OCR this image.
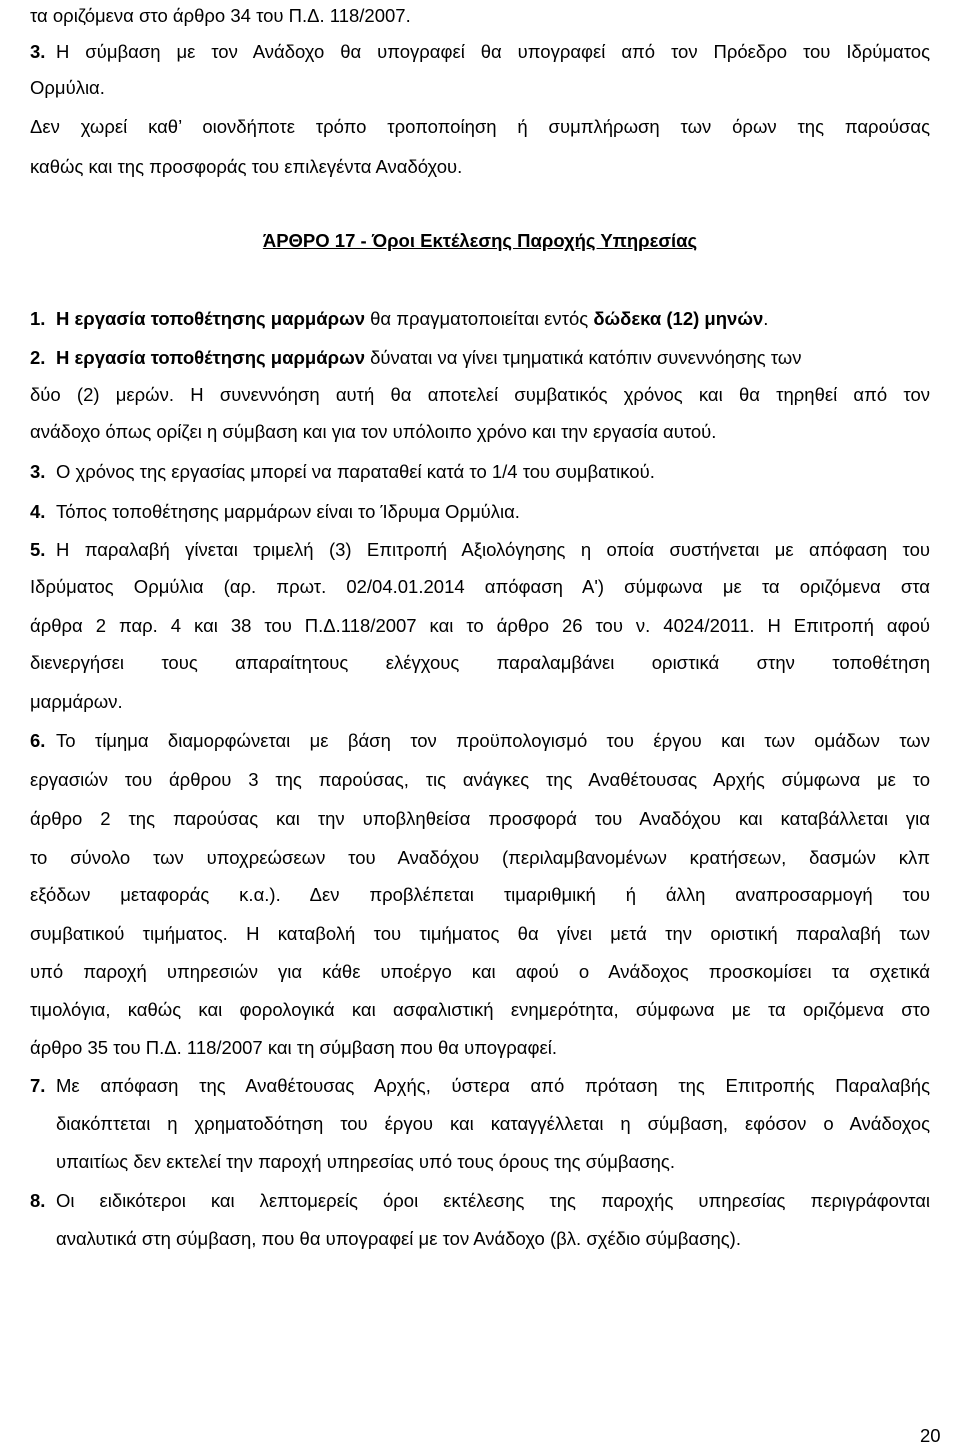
τα οριζόμενα στο άρθρο 34 του Π.Δ. 118/2007.
3. Η σύμβαση με τον Ανάδοχο θα υπογραφεί θα υπογραφεί από τον Πρόεδρο του Ιδρύματος
Ορμύλια.
Δεν χωρεί καθ’ οιονδήποτε τρόπο τροποποίηση ή συμπλήρωση των όρων της παρούσας
καθώς και της προσφοράς του επιλεγέντα Αναδόχου.
ΆΡΘΡΟ 17 - Όροι Εκτέλεσης Παροχής Υπηρεσίας
1. Η εργασία τοποθέτησης μαρμάρων θα πραγματοποιείται εντός δώδεκα (12) μηνών.
2. Η εργασία τοποθέτησης μαρμάρων δύναται να γίνει τμηματικά κατόπιν συνεννόησης των
δύο (2) μερών. Η συνεννόηση αυτή θα αποτελεί συμβατικός χρόνος και θα τηρηθεί από τον
ανάδοχο όπως ορίζει η σύμβαση και για τον υπόλοιπο χρόνο και την εργασία αυτού.
3. Ο χρόνος της εργασίας μπορεί να παραταθεί κατά το 1/4 του συμβατικού.
4. Τόπος τοποθέτησης μαρμάρων είναι το Ίδρυμα Ορμύλια.
5. Η παραλαβή γίνεται τριμελή (3) Επιτροπή Αξιολόγησης η οποία συστήνεται με απόφαση του
Ιδρύματος Ορμύλια (αρ. πρωτ. 02/04.01.2014 απόφαση Α') σύμφωνα με τα οριζόμενα στα
άρθρα 2 παρ. 4 και 38 του Π.Δ.118/2007 και το άρθρο 26 του ν. 4024/2011. Η Επιτροπή αφού
διενεργήσει τους απαραίτητους ελέγχους παραλαμβάνει οριστικά στην τοποθέτηση
μαρμάρων.
6. Το τίμημα διαμορφώνεται με βάση τον προϋπολογισμό του έργου και των ομάδων των
εργασιών του άρθρου 3 της παρούσας, τις ανάγκες της Αναθέτουσας Αρχής σύμφωνα με το
άρθρο 2 της παρούσας και την υποβληθείσα προσφορά του Αναδόχου και καταβάλλεται για
το σύνολο των υποχρεώσεων του Αναδόχου (περιλαμβανομένων κρατήσεων, δασμών κλπ
εξόδων μεταφοράς κ.α.). Δεν προβλέπεται τιμαριθμική ή άλλη αναπροσαρμογή του
συμβατικού τιμήματος. Η καταβολή του τιμήματος θα γίνει μετά την οριστική παραλαβή των
υπό παροχή υπηρεσιών για κάθε υποέργο και αφού ο Ανάδοχος προσκομίσει τα σχετικά
τιμολόγια, καθώς και φορολογικά και ασφαλιστική ενημερότητα, σύμφωνα με τα οριζόμενα στο
άρθρο 35 του Π.Δ. 118/2007 και τη σύμβαση που θα υπογραφεί.
7. Με απόφαση της Αναθέτουσας Αρχής, ύστερα από πρόταση της Επιτροπής Παραλαβής
διακόπτεται η χρηματοδότηση του έργου και καταγγέλλεται η σύμβαση, εφόσον ο Ανάδοχος
υπαιτίως δεν εκτελεί την παροχή υπηρεσίας υπό τους όρους της σύμβασης.
8. Οι ειδικότεροι και λεπτομερείς όροι εκτέλεσης της παροχής υπηρεσίας περιγράφονται
αναλυτικά στη σύμβαση, που θα υπογραφεί με τον Ανάδοχο (βλ. σχέδιο σύμβασης).
20
